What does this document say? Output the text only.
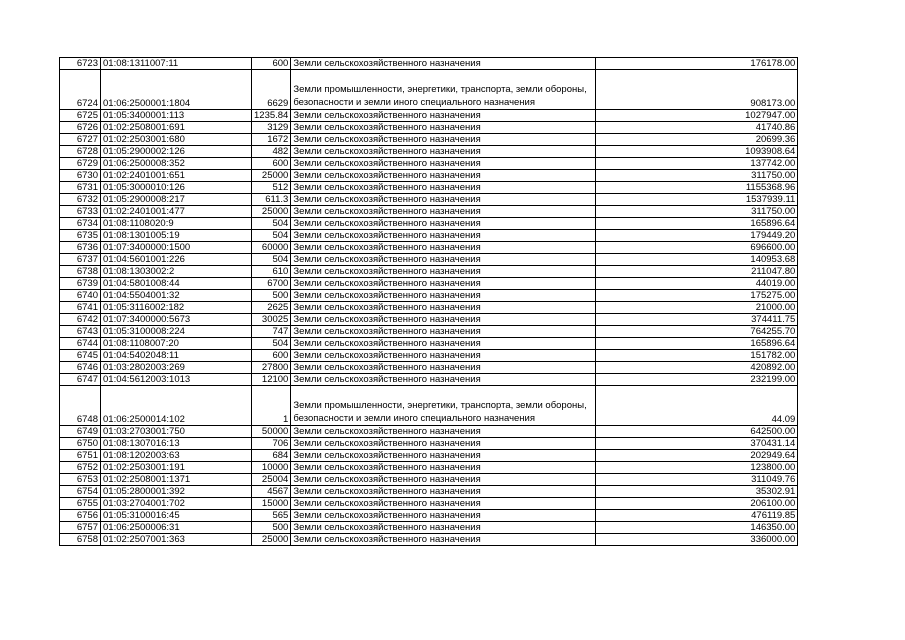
6723	01:08:1311007:11	600	Земли сельскохозяйственного назначения	176178.00
6724	01:06:2500001:1804	6629	Земли промышленности, энергетики, транспорта, земли обороны, безопасности и земли иного специального назначения	908173.00
6725	01:05:3400001:113	1235.84	Земли сельскохозяйственного назначения	1027947.00
6726	01:02:2508001:691	3129	Земли сельскохозяйственного назначения	41740.86
6727	01:02:2503001:680	1672	Земли сельскохозяйственного назначения	20699.36
6728	01:05:2900002:126	482	Земли сельскохозяйственного назначения	1093908.64
6729	01:06:2500008:352	600	Земли сельскохозяйственного назначения	137742.00
6730	01:02:2401001:651	25000	Земли сельскохозяйственного назначения	311750.00
6731	01:05:3000010:126	512	Земли сельскохозяйственного назначения	1155368.96
6732	01:05:2900008:217	611.3	Земли сельскохозяйственного назначения	1537939.11
6733	01:02:2401001:477	25000	Земли сельскохозяйственного назначения	311750.00
6734	01:08:1108020:9	504	Земли сельскохозяйственного назначения	165896.64
6735	01:08:1301005:19	504	Земли сельскохозяйственного назначения	179449.20
6736	01:07:3400000:1500	60000	Земли сельскохозяйственного назначения	696600.00
6737	01:04:5601001:226	504	Земли сельскохозяйственного назначения	140953.68
6738	01:08:1303002:2	610	Земли сельскохозяйственного назначения	211047.80
6739	01:04:5801008:44	6700	Земли сельскохозяйственного назначения	44019.00
6740	01:04:5504001:32	500	Земли сельскохозяйственного назначения	175275.00
6741	01:05:3116002:182	2625	Земли сельскохозяйственного назначения	21000.00
6742	01:07:3400000:5673	30025	Земли сельскохозяйственного назначения	374411.75
6743	01:05:3100008:224	747	Земли сельскохозяйственного назначения	764255.70
6744	01:08:1108007:20	504	Земли сельскохозяйственного назначения	165896.64
6745	01:04:5402048:11	600	Земли сельскохозяйственного назначения	151782.00
6746	01:03:2802003:269	27800	Земли сельскохозяйственного назначения	420892.00
6747	01:04:5612003:1013	12100	Земли сельскохозяйственного назначения	232199.00
6748	01:06:2500014:102	1	Земли промышленности, энергетики, транспорта, земли обороны, безопасности и земли иного специального назначения	44.09
6749	01:03:2703001:750	50000	Земли сельскохозяйственного назначения	642500.00
6750	01:08:1307016:13	706	Земли сельскохозяйственного назначения	370431.14
6751	01:08:1202003:63	684	Земли сельскохозяйственного назначения	202949.64
6752	01:02:2503001:191	10000	Земли сельскохозяйственного назначения	123800.00
6753	01:02:2508001:1371	25004	Земли сельскохозяйственного назначения	311049.76
6754	01:05:2800001:392	4567	Земли сельскохозяйственного назначения	35302.91
6755	01:03:2704001:702	15000	Земли сельскохозяйственного назначения	206100.00
6756	01:05:3100016:45	565	Земли сельскохозяйственного назначения	476119.85
6757	01:06:2500006:31	500	Земли сельскохозяйственного назначения	146350.00
6758	01:02:2507001:363	25000	Земли сельскохозяйственного назначения	336000.00
